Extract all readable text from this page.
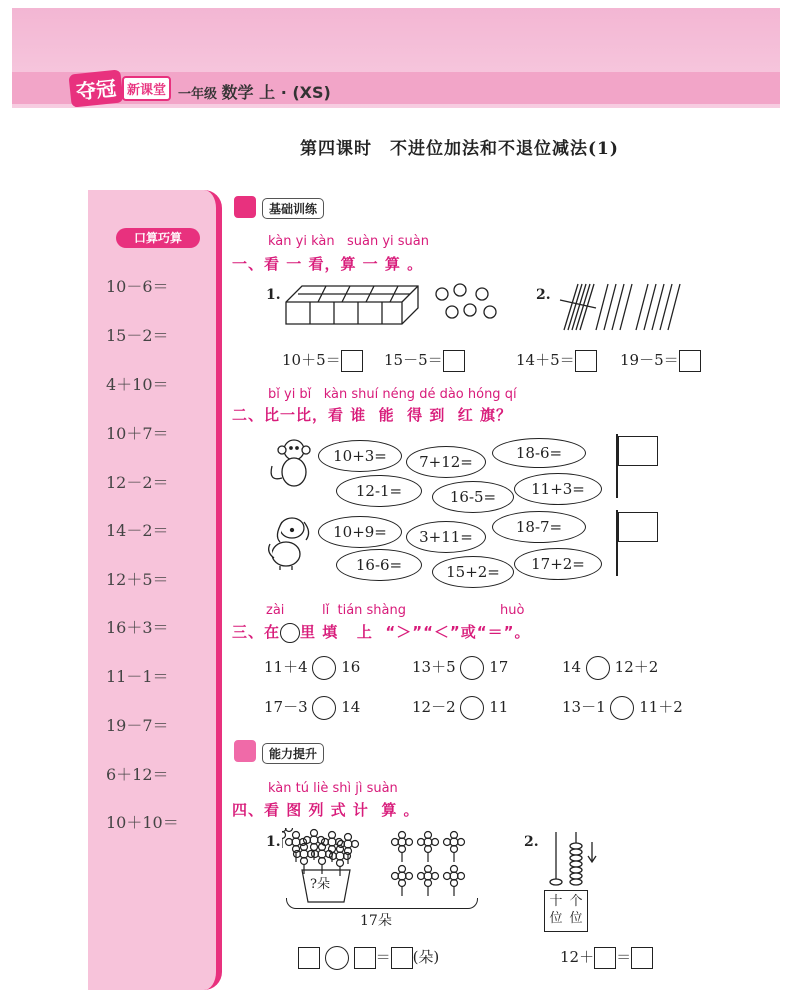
夺冠 新课堂 一年级 数学 上 · (XS)
第四课时　不进位加法和不退位减法(1)
口算巧算
10－6＝
15－2＝
4＋10＝
10＋7＝
12－2＝
14－2＝
12＋5＝
16＋3＝
11－1＝
19－7＝
6＋12＝
10＋10＝
基础训练
kàn yi kàn   suàn yi suàn
一、看 一 看，算 一 算 。
1.	2.
10＋5＝	15－5＝	14＋5＝	19－5＝
bǐ yi bǐ   kàn shuí néng dé dào hóng qí
二、比一比，看 谁  能  得 到  红 旗？
10+3=	7+12=	18-6=
12-1=	16-5=	11+3=
10+9=	3+11=
18-7=
16-6=	15+2=	17+2=
zài	lǐ  tián shàng	huò
三、在 里 填   上  “＞”“＜”或“＝”。
11＋4 16	13＋5 17	14 12＋2
17－3 14	12－2 11	13－1 11＋2
能力提升
kàn tú liè shì jì suàn
四、看 图 列 式 计  算 。
1.
?朵
17朵
＝ (朵)
2.
十位
个位
12＋ ＝
